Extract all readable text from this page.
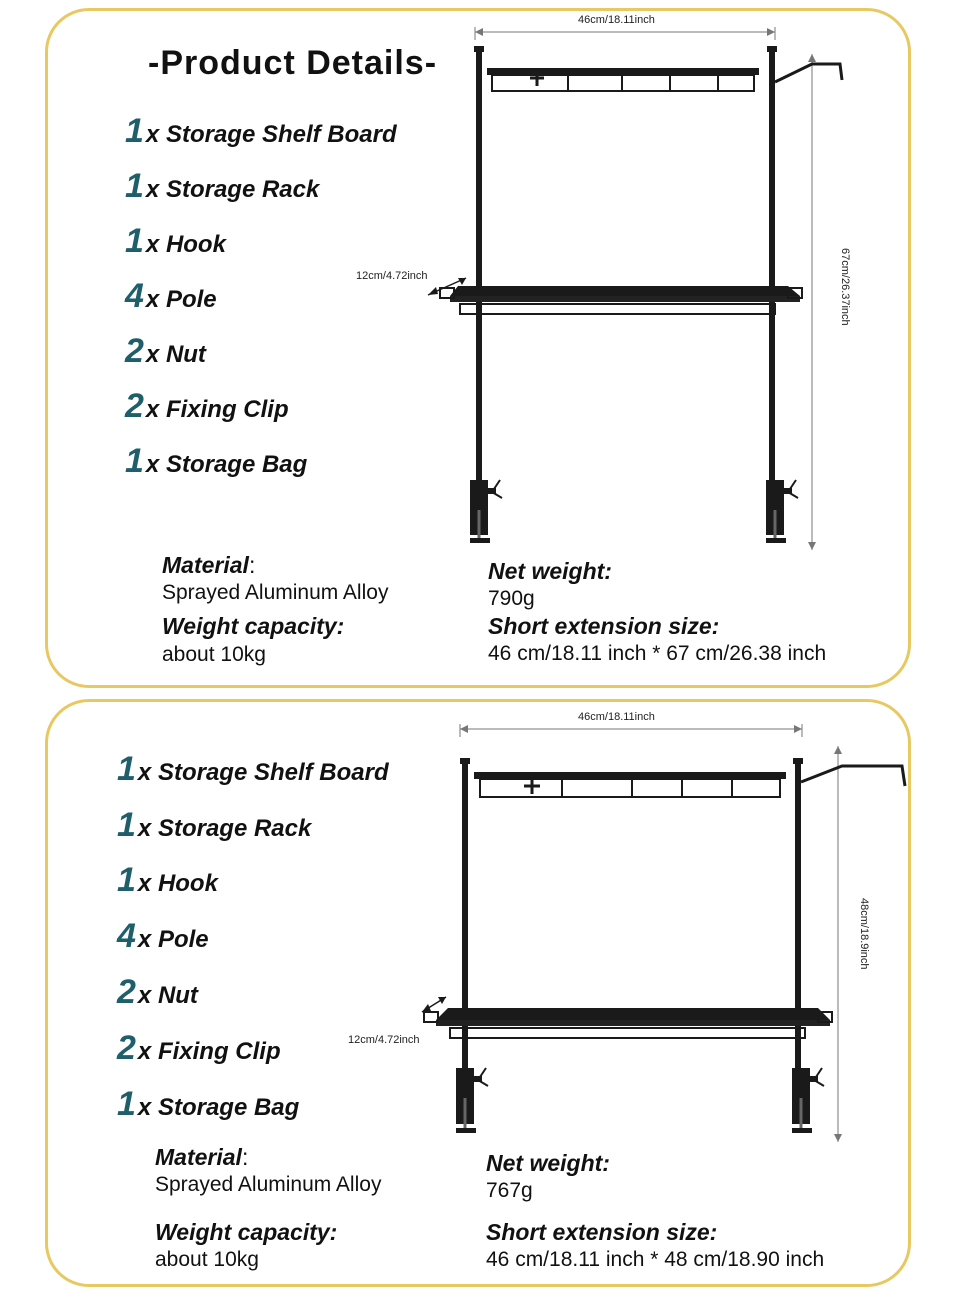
-Product Details-
1x Storage Shelf Board
1x Storage Rack
1x Hook
4x Pole
2x Nut
2x Fixing Clip
1x Storage Bag
46cm/18.11inch
12cm/4.72inch	67cm/26.37inch
Material:
Sprayed Aluminum Alloy
Weight capacity:
about 10kg
Net weight:
790g
Short extension size:
46 cm/18.11 inch * 67 cm/26.38 inch
1x Storage Shelf Board
1x Storage Rack
1x Hook
4x Pole
2x Nut
2x Fixing Clip
1x Storage Bag
46cm/18.11inch
12cm/4.72inch
48cm/18.9inch
Material:
Sprayed Aluminum Alloy
Weight capacity:
about 10kg
Net weight:
767g
Short extension size:
46 cm/18.11 inch * 48 cm/18.90 inch
